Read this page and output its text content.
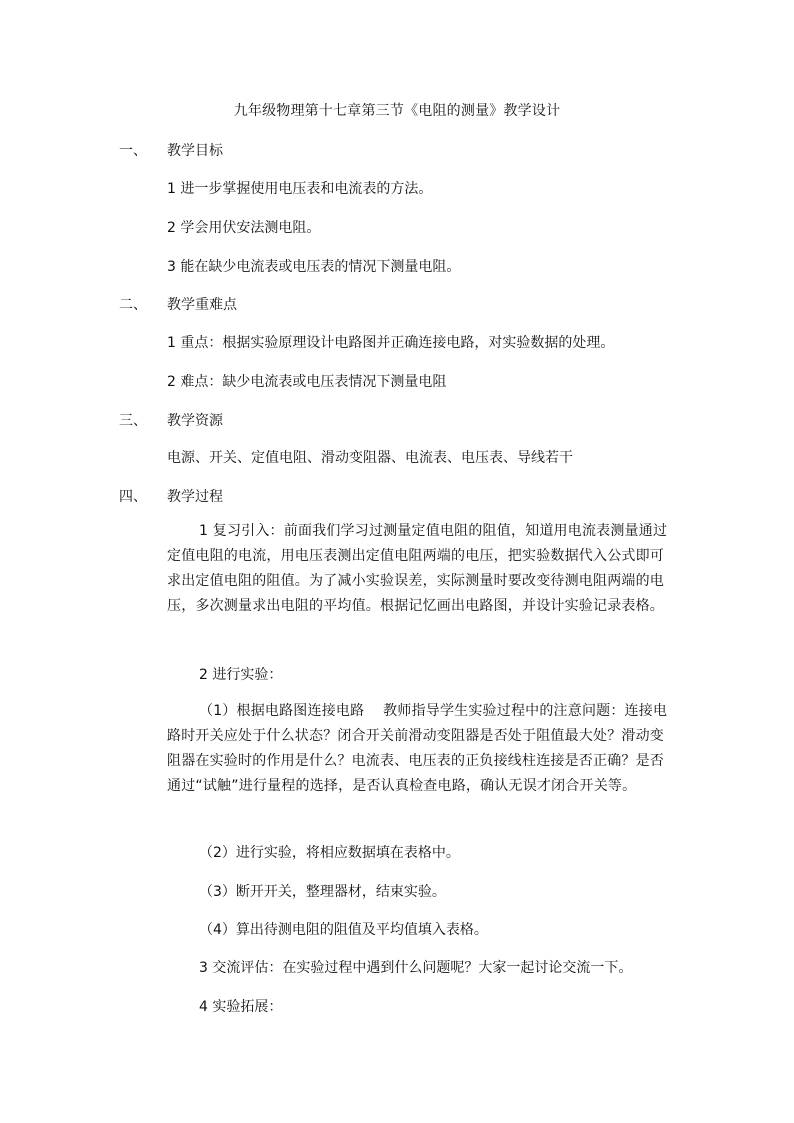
九年级物理第十七章第三节《电阻的测量》教学设计
一、 教学目标
1 进一步掌握使用电压表和电流表的方法。
2 学会用伏安法测电阻。
3 能在缺少电流表或电压表的情况下测量电阻。
二、 教学重难点
1 重点：根据实验原理设计电路图并正确连接电路，对实验数据的处理。
2 难点：缺少电流表或电压表情况下测量电阻
三、 教学资源
电源、开关、定值电阻、滑动变阻器、电流表、电压表、导线若干
四、 教学过程
1 复习引入：前面我们学习过测量定值电阻的阻值，知道用电流表测量通过定值电阻的电流，用电压表测出定值电阻两端的电压，把实验数据代入公式即可求出定值电阻的阻值。为了减小实验误差，实际测量时要改变待测电阻两端的电压，多次测量求出电阻的平均值。根据记忆画出电路图，并设计实验记录表格。
2 进行实验：
（1）根据电路图连接电路　 教师指导学生实验过程中的注意问题：连接电路时开关应处于什么状态？闭合开关前滑动变阻器是否处于阻值最大处？滑动变阻器在实验时的作用是什么？电流表、电压表的正负接线柱连接是否正确？是否通过“试触”进行量程的选择，是否认真检查电路，确认无误才闭合开关等。
（2）进行实验，将相应数据填在表格中。
（3）断开开关，整理器材，结束实验。
（4）算出待测电阻的阻值及平均值填入表格。
3 交流评估：在实验过程中遇到什么问题呢？大家一起讨论交流一下。
4 实验拓展：
